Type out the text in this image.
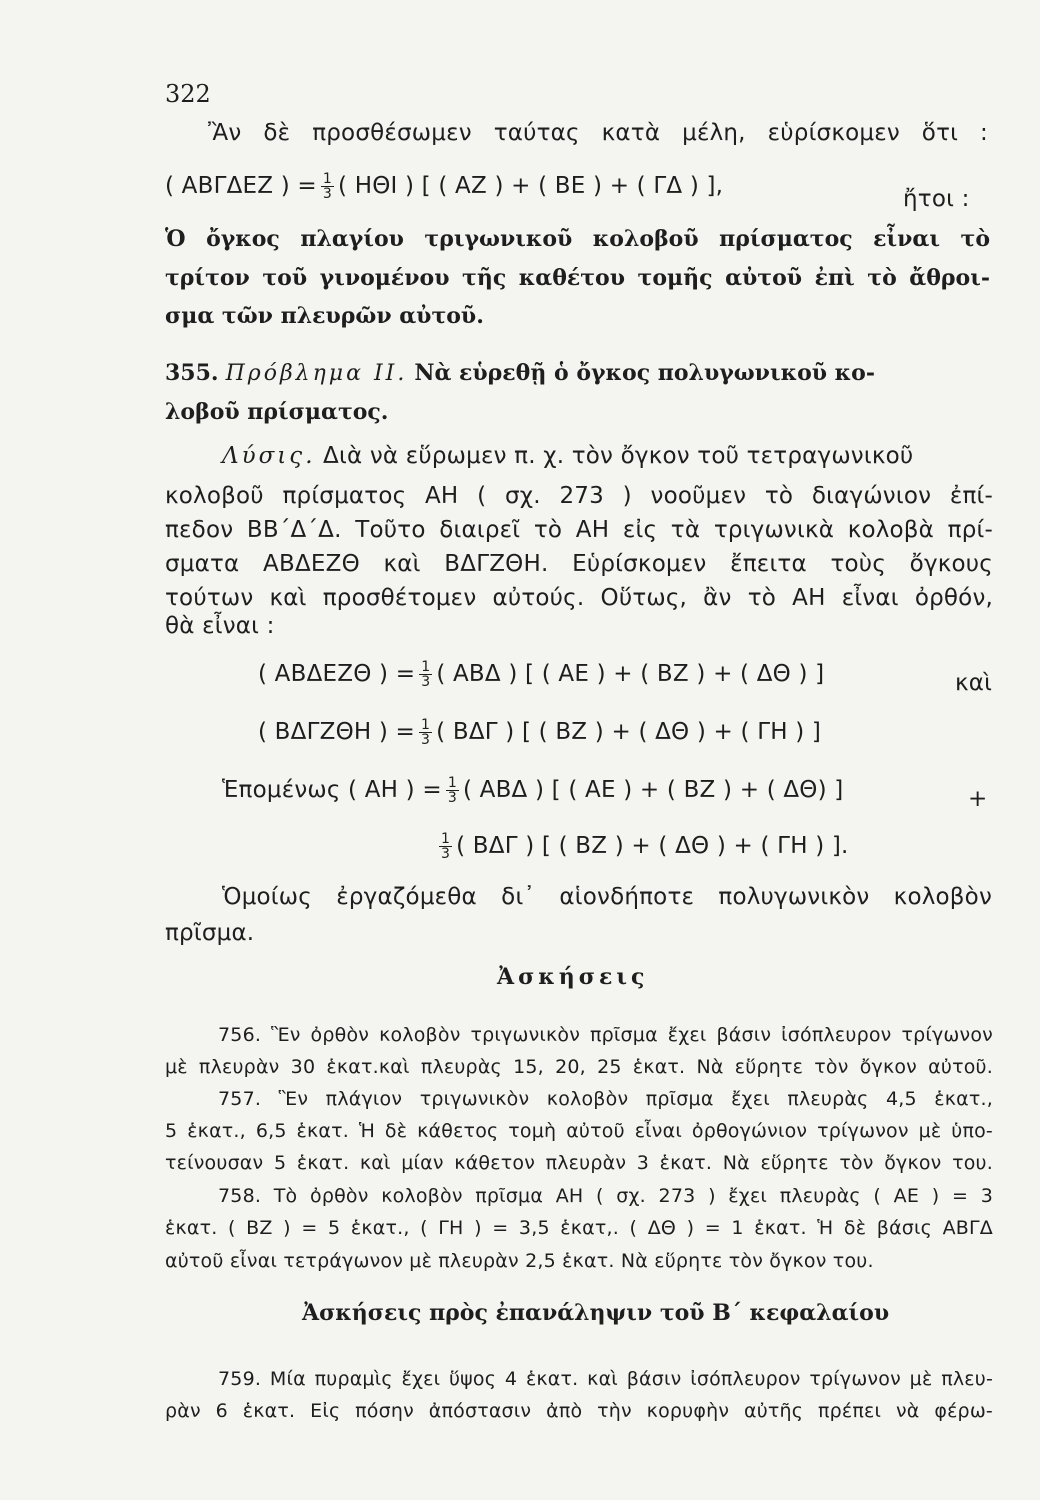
322
Ἂν δὲ προσθέσωμεν ταύτας κατὰ μέλη, εὑρίσκομεν ὅτι :
( ΑΒΓΔΕΖ ) = $\frac{1}{3}$ ( ΗΘΙ ) [ ( ΑΖ ) + ( ΒΕ ) + ( ΓΔ ) ],	ἤτοι :
Ὁ ὄγκος πλαγίου τριγωνικοῦ κολοβοῦ πρίσματος εἶναι τὸ
τρίτον τοῦ γινομένου τῆς καθέτου τομῆς αὐτοῦ ἐπὶ τὸ ἄθροι-
σμα τῶν πλευρῶν αὐτοῦ.
355. Πρόβλημα ΙΙ. Νὰ εὑρεθῇ ὁ ὄγκος πολυγωνικοῦ κο-
λοβοῦ πρίσματος.
Λύσις. Διὰ νὰ εὕρωμεν π. χ. τὸν ὄγκον τοῦ τετραγωνικοῦ
κολοβοῦ πρίσματος ΑΗ ( σχ. 273 ) νοοῦμεν τὸ διαγώνιον ἐπί-
πεδον ΒΒ΄Δ΄Δ. Τοῦτο διαιρεῖ τὸ ΑΗ εἰς τὰ τριγωνικὰ κολοβὰ πρί-
σματα ΑΒΔΕΖΘ καὶ ΒΔΓΖΘΗ. Εὑρίσκομεν ἔπειτα τοὺς ὄγκους
τούτων καὶ προσθέτομεν αὐτούς. Οὕτως, ἂν τὸ ΑΗ εἶναι ὀρθόν,
θὰ εἶναι :
( ΑΒΔΕΖΘ ) = $\frac{1}{3}$ ( ΑΒΔ ) [ ( ΑΕ ) + ( ΒΖ ) + ( ΔΘ ) ]	καὶ
( ΒΔΓΖΘΗ ) = $\frac{1}{3}$ ( ΒΔΓ ) [ ( ΒΖ ) + ( ΔΘ ) + ( ΓΗ ) ]
Ἑπομένως ( ΑΗ ) = $\frac{1}{3}$ ( ΑΒΔ ) [ ( ΑΕ ) + ( ΒΖ ) + ( ΔΘ) ]	+
$\frac{1}{3}$ ( ΒΔΓ ) [ ( ΒΖ ) + ( ΔΘ ) + ( ΓΗ ) ].
Ὁμοίως ἐργαζόμεθα δι᾿ αἱονδήποτε πολυγωνικὸν κολοβὸν
πρῖσμα.
Ἀσκήσεις
756. Ἓν ὀρθὸν κολοβὸν τριγωνικὸν πρῖσμα ἔχει βάσιν ἰσόπλευρον τρίγωνον
μὲ πλευρὰν 30 ἑκατ.καὶ πλευρὰς 15, 20, 25 ἑκατ. Νὰ εὕρητε τὸν ὄγκον αὐτοῦ.
757. Ἓν πλάγιον τριγωνικὸν κολοβὸν πρῖσμα ἔχει πλευρὰς 4,5 ἑκατ.,
5 ἑκατ., 6,5 ἑκατ. Ἡ δὲ κάθετος τομὴ αὐτοῦ εἶναι ὀρθογώνιον τρίγωνον μὲ ὑπο-
τείνουσαν 5 ἑκατ. καὶ μίαν κάθετον πλευρὰν 3 ἑκατ. Νὰ εὕρητε τὸν ὄγκον του.
758. Τὸ ὀρθὸν κολοβὸν πρῖσμα ΑΗ ( σχ. 273 ) ἔχει πλευρὰς ( ΑΕ ) = 3
ἑκατ. ( ΒΖ ) = 5 ἑκατ., ( ΓΗ ) = 3,5 ἑκατ,. ( ΔΘ ) = 1 ἑκατ. Ἡ δὲ βάσις ΑΒΓΔ
αὐτοῦ εἶναι τετράγωνον μὲ πλευρὰν 2,5 ἑκατ. Νὰ εὕρητε τὸν ὄγκον του.
Ἀσκήσεις πρὸς ἐπανάληψιν τοῦ Β΄ κεφαλαίου
759. Μία πυραμὶς ἔχει ὕψος 4 ἑκατ. καὶ βάσιν ἰσόπλευρον τρίγωνον μὲ πλευ-
ρὰν 6 ἑκατ. Εἰς πόσην ἀπόστασιν ἀπὸ τὴν κορυφὴν αὐτῆς πρέπει νὰ φέρω-
